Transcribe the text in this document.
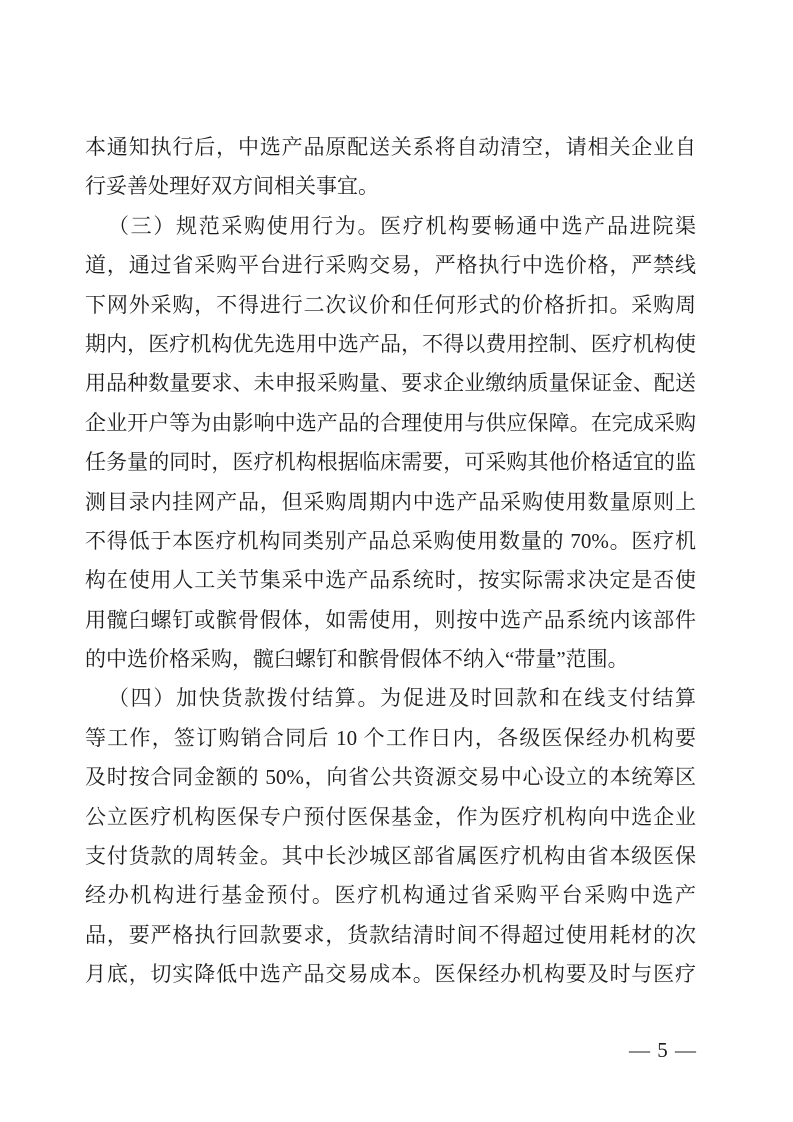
本通知执行后，中选产品原配送关系将自动清空，请相关企业自
行妥善处理好双方间相关事宜。
（三）规范采购使用行为。医疗机构要畅通中选产品进院渠
道，通过省采购平台进行采购交易，严格执行中选价格，严禁线
下网外采购，不得进行二次议价和任何形式的价格折扣。采购周
期内，医疗机构优先选用中选产品，不得以费用控制、医疗机构使
用品种数量要求、未申报采购量、要求企业缴纳质量保证金、配送
企业开户等为由影响中选产品的合理使用与供应保障。在完成采购
任务量的同时，医疗机构根据临床需要，可采购其他价格适宜的监
测目录内挂网产品，但采购周期内中选产品采购使用数量原则上
不得低于本医疗机构同类别产品总采购使用数量的 70%。医疗机
构在使用人工关节集采中选产品系统时，按实际需求决定是否使
用髋臼螺钉或髌骨假体，如需使用，则按中选产品系统内该部件
的中选价格采购，髋臼螺钉和髌骨假体不纳入“带量”范围。
（四）加快货款拨付结算。为促进及时回款和在线支付结算
等工作，签订购销合同后 10 个工作日内，各级医保经办机构要
及时按合同金额的 50%，向省公共资源交易中心设立的本统筹区
公立医疗机构医保专户预付医保基金，作为医疗机构向中选企业
支付货款的周转金。其中长沙城区部省属医疗机构由省本级医保
经办机构进行基金预付。医疗机构通过省采购平台采购中选产
品，要严格执行回款要求，货款结清时间不得超过使用耗材的次
月底，切实降低中选产品交易成本。医保经办机构要及时与医疗
— 5 —
